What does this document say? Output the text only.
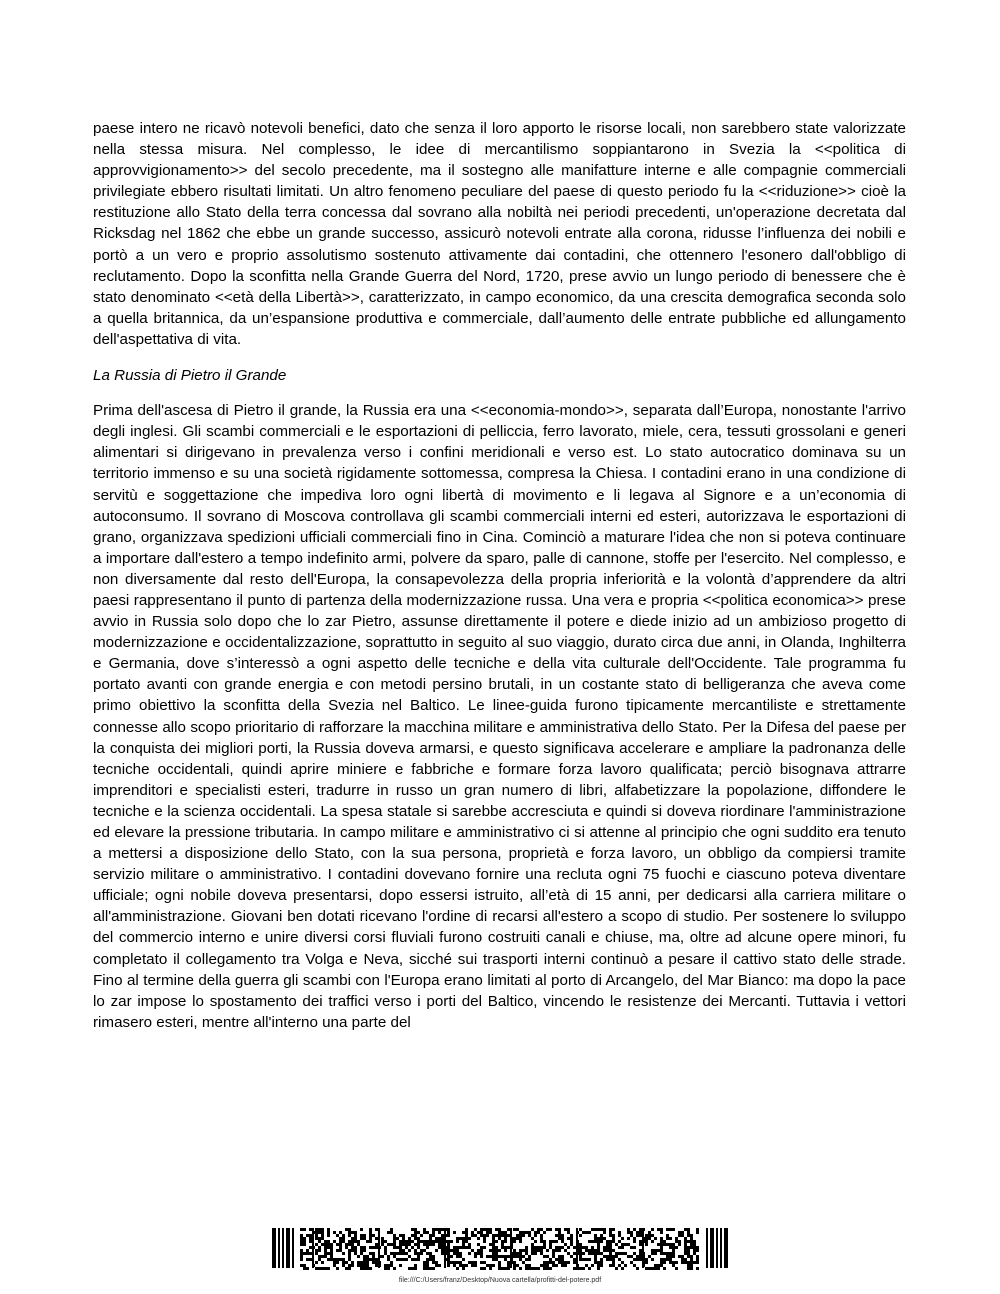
paese intero ne ricavò notevoli benefici, dato che senza il loro apporto le risorse locali, non sarebbero state valorizzate nella stessa misura. Nel complesso, le idee di mercantilismo soppiantarono in Svezia la <<politica di approvvigionamento>> del secolo precedente, ma il sostegno alle manifatture interne e alle compagnie commerciali privilegiate ebbero risultati limitati. Un altro fenomeno peculiare del paese di questo periodo fu la <<riduzione>> cioè la restituzione allo Stato della terra concessa dal sovrano alla nobiltà nei periodi precedenti, un'operazione decretata dal Ricksdag nel 1862 che ebbe un grande successo, assicurò notevoli entrate alla corona, ridusse l’influenza dei nobili e portò a un vero e proprio assolutismo sostenuto attivamente dai contadini, che ottennero l'esonero dall'obbligo di reclutamento. Dopo la sconfitta nella Grande Guerra del Nord, 1720, prese avvio un lungo periodo di benessere che è stato denominato <<età della Libertà>>, caratterizzato, in campo economico, da una crescita demografica seconda solo a quella britannica, da un’espansione produttiva e commerciale, dall’aumento delle entrate pubbliche ed allungamento dell'aspettativa di vita.

La Russia di Pietro il Grande

Prima dell'ascesa di Pietro il grande, la Russia era una <<economia-mondo>>, separata dall’Europa, nonostante l'arrivo degli inglesi. Gli scambi commerciali e le esportazioni di pelliccia, ferro lavorato, miele, cera, tessuti grossolani e generi alimentari si dirigevano in prevalenza verso i confini meridionali e verso est. Lo stato autocratico dominava su un territorio immenso e su una società rigidamente sottomessa, compresa la Chiesa. I contadini erano in una condizione di servitù e soggettazione che impediva loro ogni libertà di movimento e li legava al Signore e a un’economia di autoconsumo. Il sovrano di Moscova controllava gli scambi commerciali interni ed esteri, autorizzava le esportazioni di grano, organizzava spedizioni ufficiali commerciali fino in Cina. Cominciò a maturare l'idea che non si poteva continuare a importare dall'estero a tempo indefinito armi, polvere da sparo, palle di cannone, stoffe per l'esercito. Nel complesso, e non diversamente dal resto dell'Europa, la consapevolezza della propria inferiorità e la volontà d’apprendere da altri paesi rappresentano il punto di partenza della modernizzazione russa. Una vera e propria <<politica economica>> prese avvio in Russia solo dopo che lo zar Pietro, assunse direttamente il potere e diede inizio ad un ambizioso progetto di modernizzazione e occidentalizzazione, soprattutto in seguito al suo viaggio, durato circa due anni, in Olanda, Inghilterra e Germania, dove s’interessò a ogni aspetto delle tecniche e della vita culturale dell'Occidente. Tale programma fu portato avanti con grande energia e con metodi persino brutali, in un costante stato di belligeranza che aveva come primo obiettivo la sconfitta della Svezia nel Baltico. Le linee-guida furono tipicamente mercantiliste e strettamente connesse allo scopo prioritario di rafforzare la macchina militare e amministrativa dello Stato. Per la Difesa del paese per la conquista dei migliori porti, la Russia doveva armarsi, e questo significava accelerare e ampliare la padronanza delle tecniche occidentali, quindi aprire miniere e fabbriche e formare forza lavoro qualificata; perciò bisognava attrarre imprenditori e specialisti esteri, tradurre in russo un gran numero di libri, alfabetizzare la popolazione, diffondere le tecniche e la scienza occidentali. La spesa statale si sarebbe accresciuta e quindi si doveva riordinare l'amministrazione ed elevare la pressione tributaria. In campo militare e amministrativo ci si attenne al principio che ogni suddito era tenuto a mettersi a disposizione dello Stato, con la sua persona, proprietà e forza lavoro, un obbligo da compiersi tramite servizio militare o amministrativo. I contadini dovevano fornire una recluta ogni 75 fuochi e ciascuno poteva diventare ufficiale; ogni nobile doveva presentarsi, dopo essersi istruito, all’età di 15 anni, per dedicarsi alla carriera militare o all'amministrazione. Giovani ben dotati ricevano l'ordine di recarsi all'estero a scopo di studio. Per sostenere lo sviluppo del commercio interno e unire diversi corsi fluviali furono costruiti canali e chiuse, ma, oltre ad alcune opere minori, fu completato il collegamento tra Volga e Neva, sicché sui trasporti interni continuò a pesare il cattivo stato delle strade. Fino al termine della guerra gli scambi con l'Europa erano limitati al porto di Arcangelo, del Mar Bianco: ma dopo la pace lo zar impose lo spostamento dei traffici verso i porti del Baltico, vincendo le resistenze dei Mercanti. Tuttavia i vettori rimasero esteri, mentre all'interno una parte del

file:///C:/Users/franz/Desktop/Nuova cartella/profitti-del-potere.pdf
